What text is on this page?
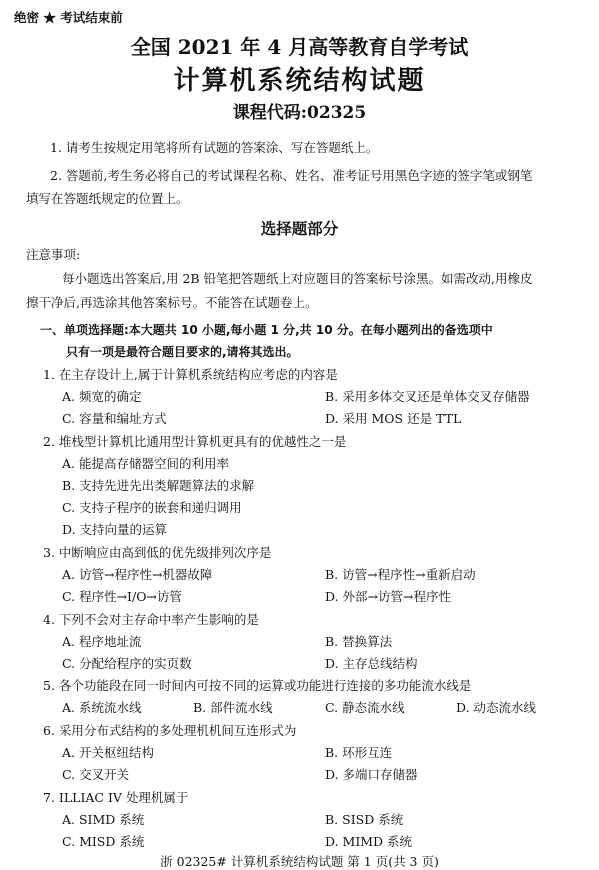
绝密 ★ 考试结束前
全国 2021 年 4 月高等教育自学考试
计算机系统结构试题
课程代码:02325
1. 请考生按规定用笔将所有试题的答案涂、写在答题纸上。
2. 答题前,考生务必将自己的考试课程名称、姓名、准考证号用黑色字迹的签字笔或钢笔
填写在答题纸规定的位置上。
选择题部分
注意事项:
每小题选出答案后,用 2B 铅笔把答题纸上对应题目的答案标号涂黑。如需改动,用橡皮
擦干净后,再选涂其他答案标号。不能答在试题卷上。
一、单项选择题:本大题共 10 小题,每小题 1 分,共 10 分。在每小题列出的备选项中
只有一项是最符合题目要求的,请将其选出。
1. 在主存设计上,属于计算机系统结构应考虑的内容是
A. 频宽的确定	B. 采用多体交叉还是单体交叉存储器
C. 容量和编址方式	D. 采用 MOS 还是 TTL
2. 堆栈型计算机比通用型计算机更具有的优越性之一是
A. 能提高存储器空间的利用率
B. 支持先进先出类解题算法的求解
C. 支持子程序的嵌套和递归调用
D. 支持向量的运算
3. 中断响应由高到低的优先级排列次序是
A. 访管→程序性→机器故障	B. 访管→程序性→重新启动
C. 程序性→I/O→访管	D. 外部→访管→程序性
4. 下列不会对主存命中率产生影响的是
A. 程序地址流	B. 替换算法
C. 分配给程序的实页数	D. 主存总线结构
5. 各个功能段在同一时间内可按不同的运算或功能进行连接的多功能流水线是
A. 系统流水线	B. 部件流水线	C. 静态流水线	D. 动态流水线
6. 采用分布式结构的多处理机机间互连形式为
A. 开关枢纽结构	B. 环形互连
C. 交叉开关	D. 多端口存储器
7. ILLIAC IV 处理机属于
A. SIMD 系统	B. SISD 系统
C. MISD 系统	D. MIMD 系统
浙 02325# 计算机系统结构试题 第 1 页(共 3 页)
